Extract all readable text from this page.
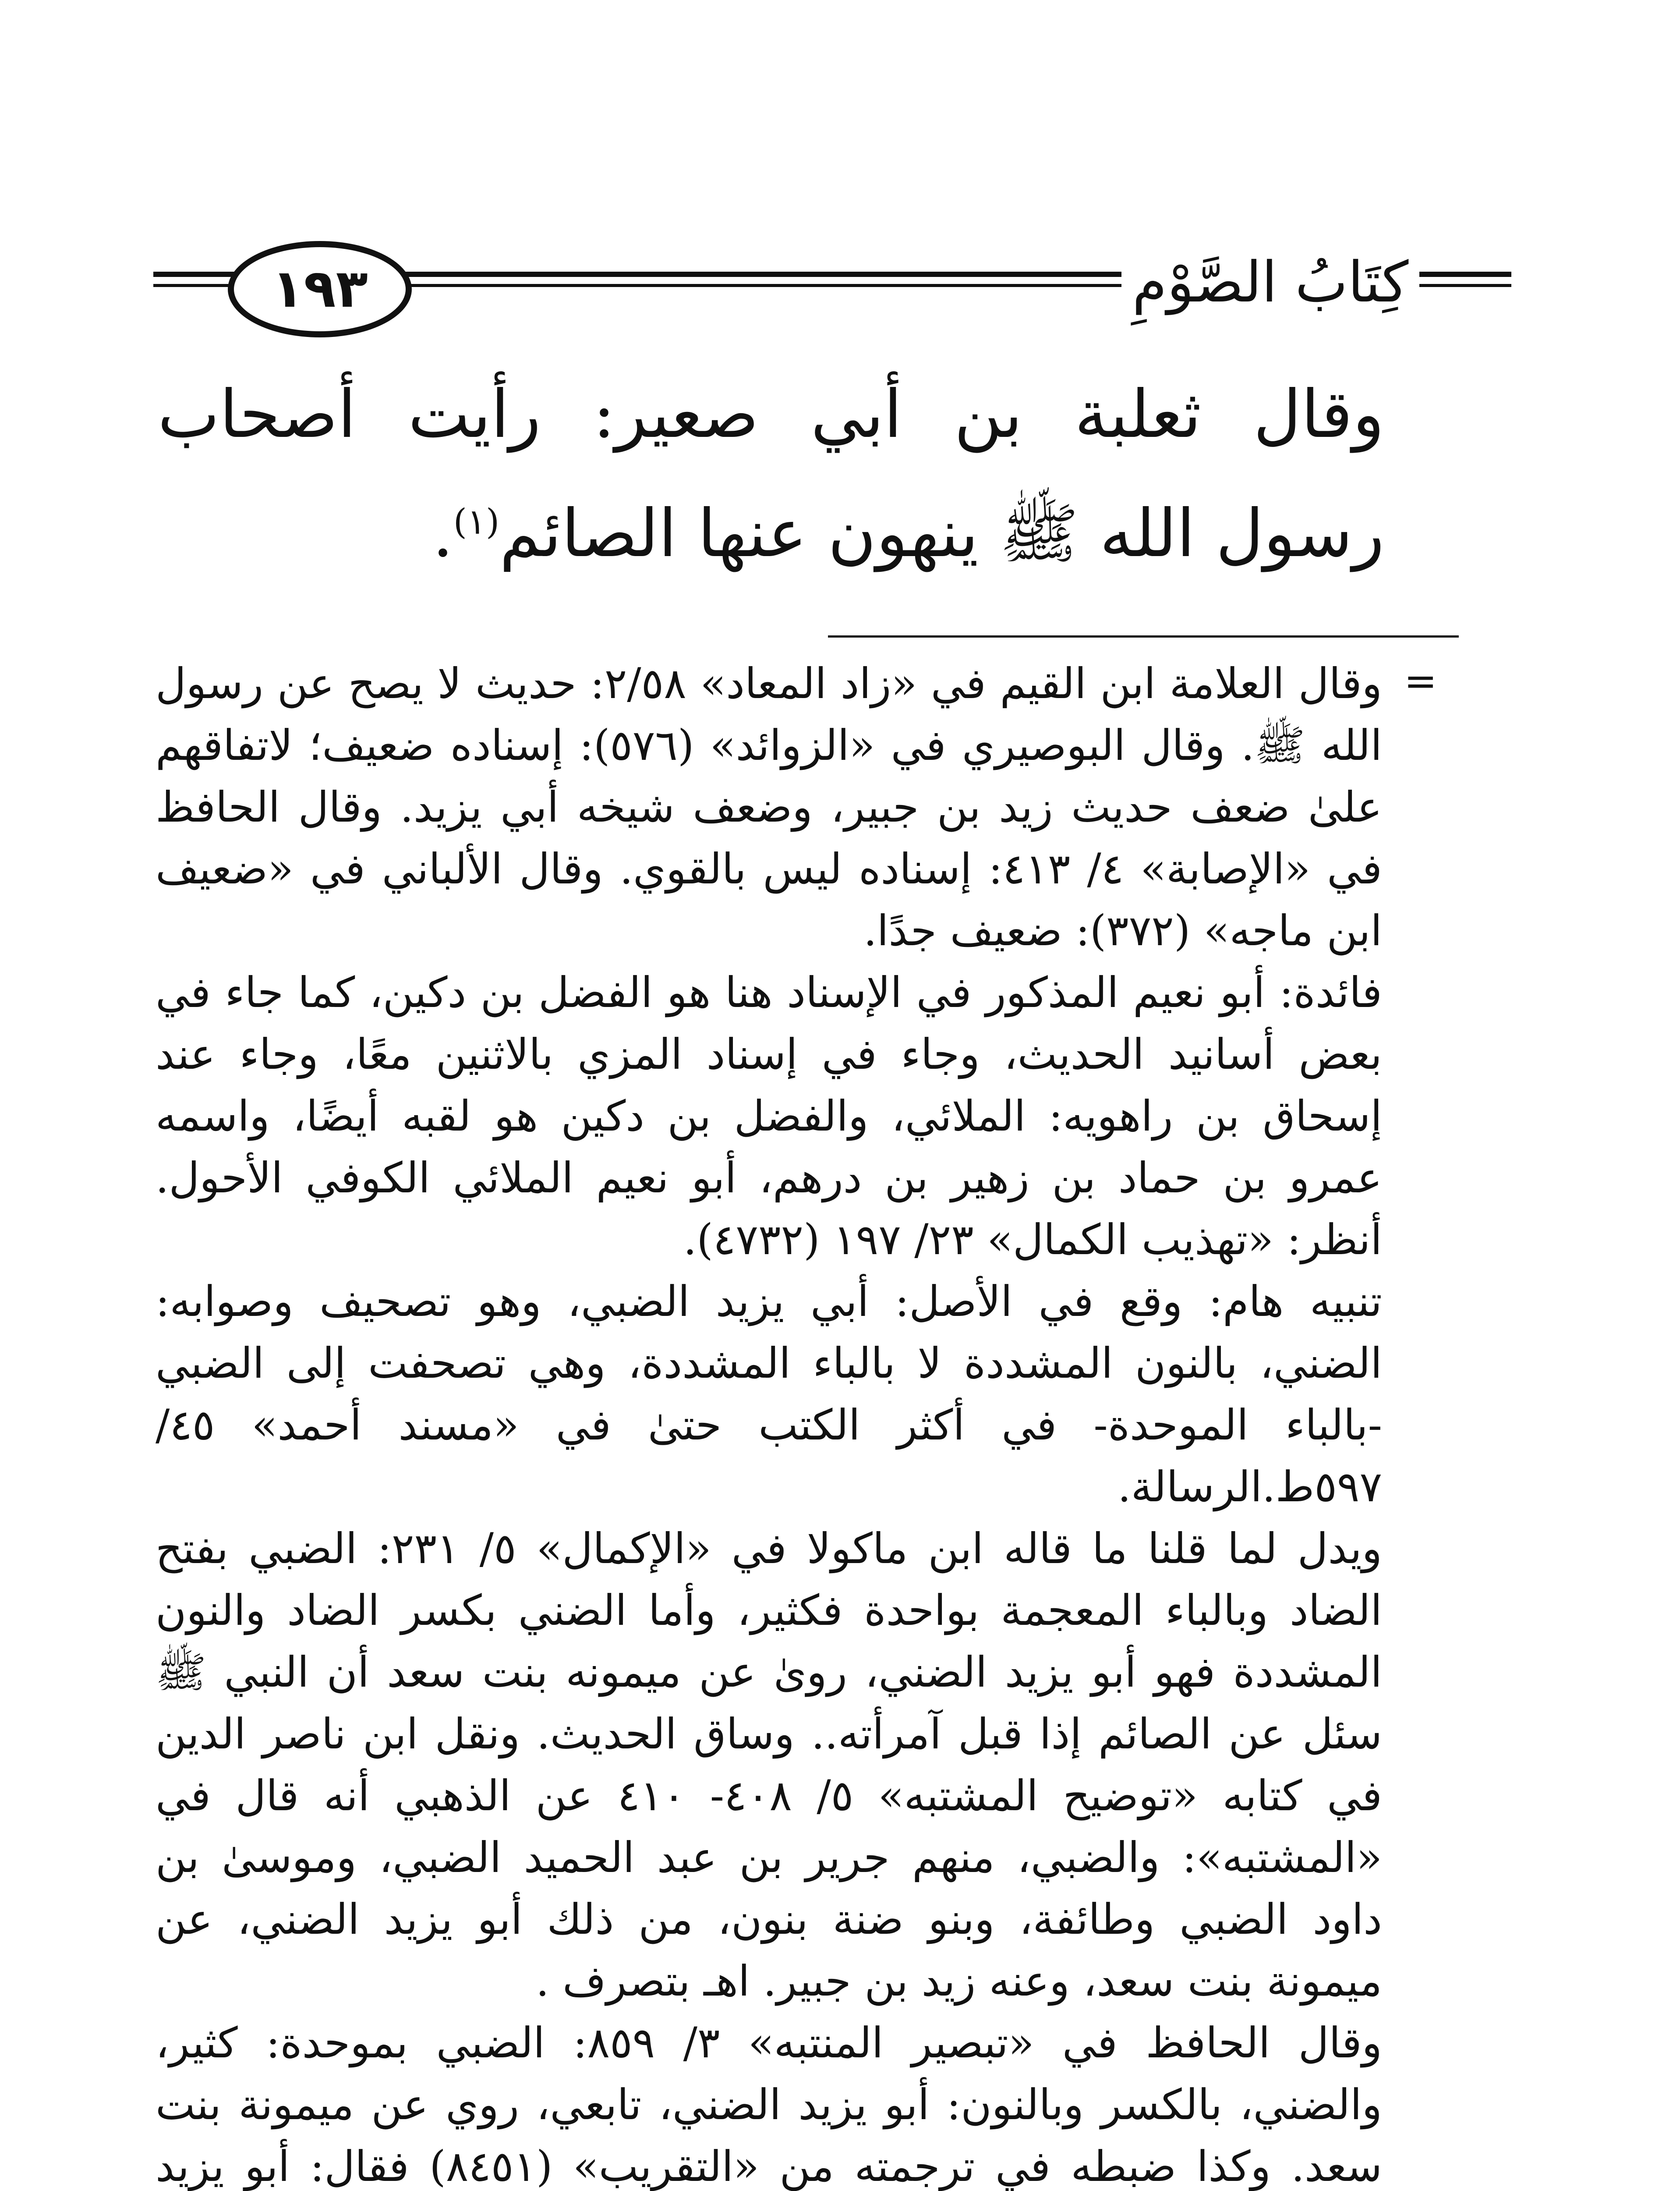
١٩٣	كِتَابُ الصَّوْمِ
وقال ثعلبة بن أبي صعير: رأيت أصحاب رسول الله ﷺ ينهون عنها الصائم$^{(١)}$.
=

وقال العلامة ابن القيم في «زاد المعاد» ٢/٥٨: حديث لا يصح عن رسول الله ﷺ. وقال البوصيري في «الزوائد» (٥٧٦): إسناده ضعيف؛ لاتفاقهم علىٰ ضعف حديث زيد بن جبير، وضعف شيخه أبي يزيد. وقال الحافظ في «الإصابة» ٤/ ٤١٣: إسناده ليس بالقوي. وقال الألباني في «ضعيف ابن ماجه» (٣٧٢): ضعيف جدًا.

فائدة: أبو نعيم المذكور في الإسناد هنا هو الفضل بن دكين، كما جاء في بعض أسانيد الحديث، وجاء في إسناد المزي بالاثنين معًا، وجاء عند إسحاق بن راهويه: الملائي، والفضل بن دكين هو لقبه أيضًا، واسمه عمرو بن حماد بن زهير بن درهم، أبو نعيم الملائي الكوفي الأحول. أنظر: «تهذيب الكمال» ٢٣/ ١٩٧ (٤٧٣٢).

تنبيه هام: وقع في الأصل: أبي يزيد الضبي، وهو تصحيف وصوابه: الضني، بالنون المشددة لا بالباء المشددة، وهي تصحفت إلى الضبي -بالباء الموحدة- في أكثر الكتب حتىٰ في «مسند أحمد» ٤٥/ ٥٩٧ط.الرسالة.

ويدل لما قلنا ما قاله ابن ماكولا في «الإكمال» ٥/ ٢٣١: الضبي بفتح الضاد وبالباء المعجمة بواحدة فكثير، وأما الضني بكسر الضاد والنون المشددة فهو أبو يزيد الضني، روىٰ عن ميمونه بنت سعد أن النبي ﷺ سئل عن الصائم إذا قبل آمرأته.. وساق الحديث. ونقل ابن ناصر الدين في كتابه «توضيح المشتبه» ٥/ ٤٠٨- ٤١٠ عن الذهبي أنه قال في «المشتبه»: والضبي، منهم جرير بن عبد الحميد الضبي، وموسىٰ بن داود الضبي وطائفة، وبنو ضنة بنون، من ذلك أبو يزيد الضني، عن ميمونة بنت سعد، وعنه زيد بن جبير. اهـ بتصرف .

وقال الحافظ في «تبصير المنتبه» ٣/ ٨٥٩: الضبي بموحدة: كثير، والضني، بالكسر وبالنون: أبو يزيد الضني، تابعي، روي عن ميمونة بنت سعد. وكذا ضبطه في ترجمته من «التقريب» (٨٤٥١) فقال: أبو يزيد
